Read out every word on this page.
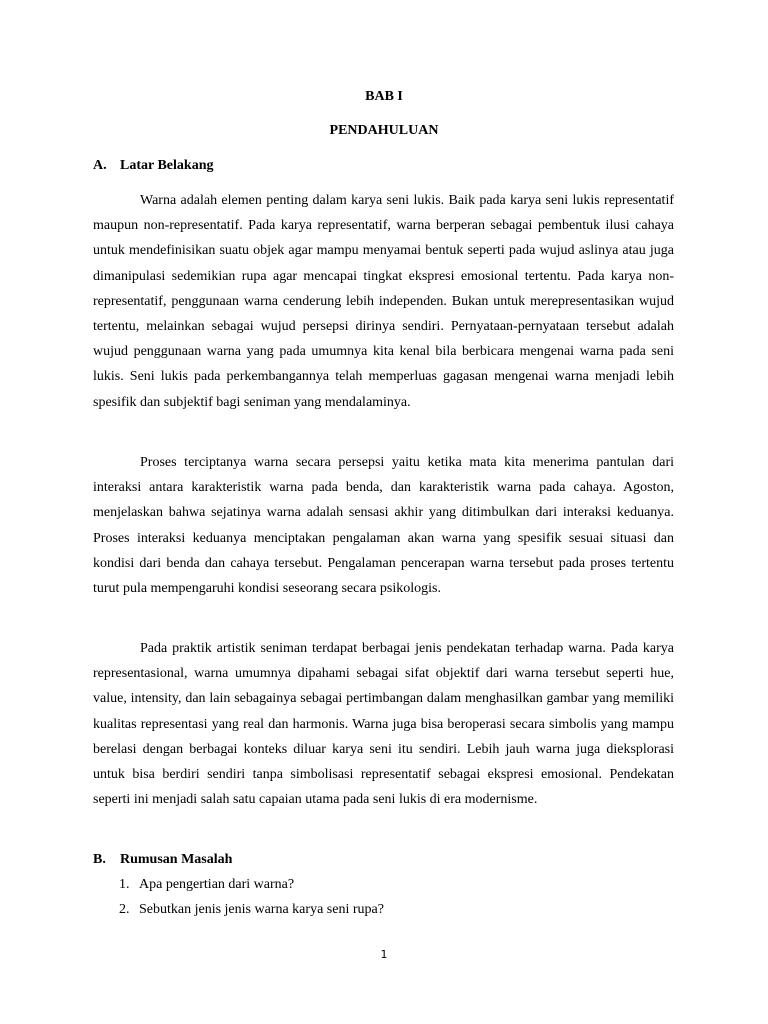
BAB I

PENDAHULUAN

A. Latar Belakang

Warna adalah elemen penting dalam karya seni lukis. Baik pada karya seni lukis representatif maupun non-representatif. Pada karya representatif, warna berperan sebagai pembentuk ilusi cahaya untuk mendefinisikan suatu objek agar mampu menyamai bentuk seperti pada wujud aslinya atau juga dimanipulasi sedemikian rupa agar mencapai tingkat ekspresi emosional tertentu. Pada karya non-representatif, penggunaan warna cenderung lebih independen. Bukan untuk merepresentasikan wujud tertentu, melainkan sebagai wujud persepsi dirinya sendiri. Pernyataan-pernyataan tersebut adalah wujud penggunaan warna yang pada umumnya kita kenal bila berbicara mengenai warna pada seni lukis. Seni lukis pada perkembangannya telah memperluas gagasan mengenai warna menjadi lebih spesifik dan subjektif bagi seniman yang mendalaminya.

Proses terciptanya warna secara persepsi yaitu ketika mata kita menerima pantulan dari interaksi antara karakteristik warna pada benda, dan karakteristik warna pada cahaya. Agoston, menjelaskan bahwa sejatinya warna adalah sensasi akhir yang ditimbulkan dari interaksi keduanya. Proses interaksi keduanya menciptakan pengalaman akan warna yang spesifik sesuai situasi dan kondisi dari benda dan cahaya tersebut. Pengalaman pencerapan warna tersebut pada proses tertentu turut pula mempengaruhi kondisi seseorang secara psikologis.

Pada praktik artistik seniman terdapat berbagai jenis pendekatan terhadap warna. Pada karya representasional, warna umumnya dipahami sebagai sifat objektif dari warna tersebut seperti hue, value, intensity, dan lain sebagainya sebagai pertimbangan dalam menghasilkan gambar yang memiliki kualitas representasi yang real dan harmonis. Warna juga bisa beroperasi secara simbolis yang mampu berelasi dengan berbagai konteks diluar karya seni itu sendiri. Lebih jauh warna juga dieksplorasi untuk bisa berdiri sendiri tanpa simbolisasi representatif sebagai ekspresi emosional. Pendekatan seperti ini menjadi salah satu capaian utama pada seni lukis di era modernisme.

B. Rumusan Masalah

1. Apa pengertian dari warna?
2. Sebutkan jenis jenis warna karya seni rupa?
1
